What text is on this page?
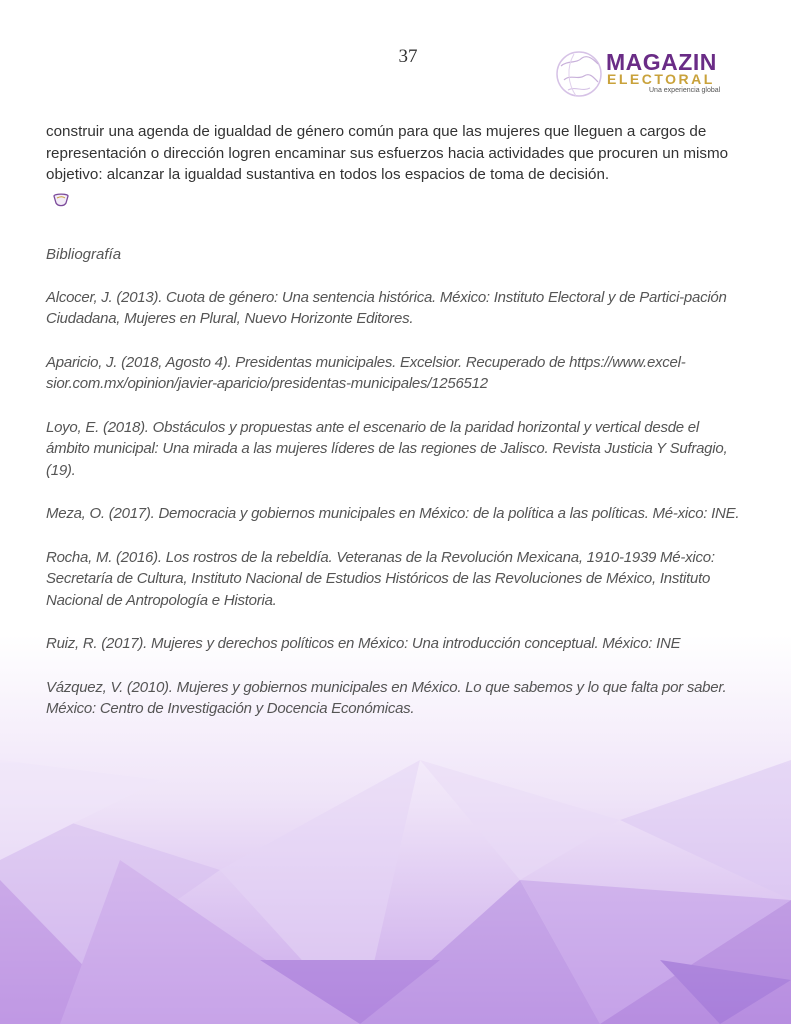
37	MAGAZIN
ELECTORAL
Una experiencia global

construir una agenda de igualdad de género común para que las mujeres que lleguen a cargos de representación o dirección logren encaminar sus esfuerzos hacia actividades que procuren un mismo objetivo: alcanzar la igualdad sustantiva en todos los espacios de toma de decisión.

Bibliografía
Alcocer, J. (2013). Cuota de género: Una sentencia histórica. México: Instituto Electoral y de Partici-pación Ciudadana, Mujeres en Plural, Nuevo Horizonte Editores.
Aparicio, J. (2018, Agosto 4). Presidentas municipales. Excelsior. Recuperado de https://www.excel-sior.com.mx/opinion/javier-aparicio/presidentas-municipales/1256512
Loyo, E. (2018). Obstáculos y propuestas ante el escenario de la paridad horizontal y vertical desde el ámbito municipal: Una mirada a las mujeres líderes de las regiones de Jalisco. Revista Justicia Y Sufragio, (19).
Meza, O. (2017). Democracia y gobiernos municipales en México: de la política a las políticas. Mé-xico: INE.
Rocha, M. (2016). Los rostros de la rebeldía. Veteranas de la Revolución Mexicana, 1910-1939 Mé-xico: Secretaría de Cultura, Instituto Nacional de Estudios Históricos de las Revoluciones de México, Instituto Nacional de Antropología e Historia.
Ruiz, R. (2017). Mujeres y derechos políticos en México: Una introducción conceptual. México: INE
Vázquez, V. (2010). Mujeres y gobiernos municipales en México. Lo que sabemos y lo que falta por saber. México: Centro de Investigación y Docencia Económicas.
